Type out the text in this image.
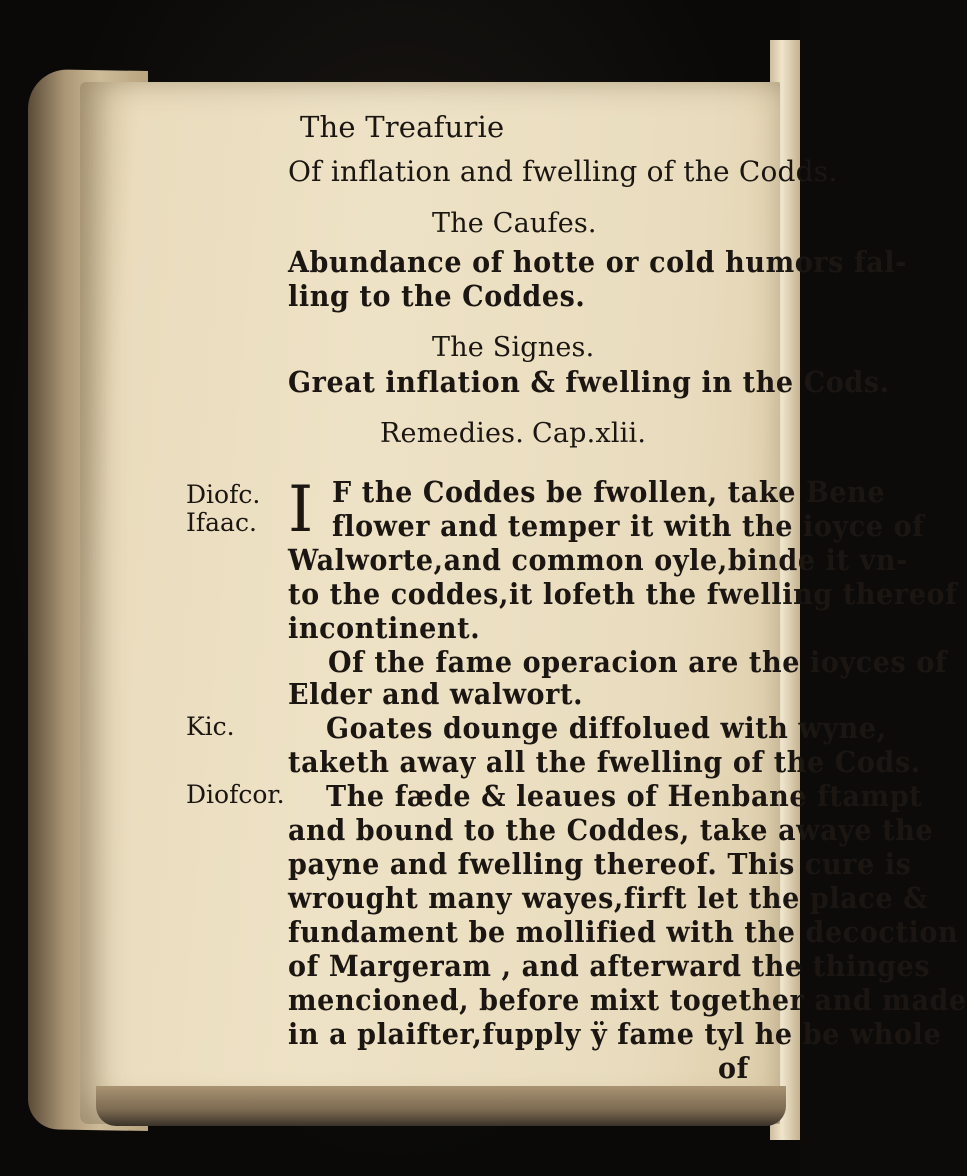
The Treafurie

Of inflation and fwelling of the Codds.

The Caufes.

Abundance of hotte or cold humors fal-

ling to the Coddes.

The Signes.

Great inflation & fwelling in the Cods.

Remedies. Cap.xlii.

Diofc.

Ifaac.

Kic.

Diofcor.

I F the Coddes be fwollen, take Bene

flower and temper it with the ioyce of

Walworte,and common oyle,binde it vn-

to the coddes,it lofeth the fwelling thereof

incontinent.

Of the fame operacion are the ioyces of

Elder and walwort.

Goates dounge diffolued with wyne,

taketh away all the fwelling of the Cods.

The fæde & leaues of Henbane ftampt

and bound to the Coddes, take awaye the

payne and fwelling thereof. This cure is

wrought many wayes,firft let the place &

fundament be mollified with the decoction

of Margeram , and afterward the thinges

mencioned, before mixt together and made

in a plaifter,fupply ÿ fame tyl he be whole

of
